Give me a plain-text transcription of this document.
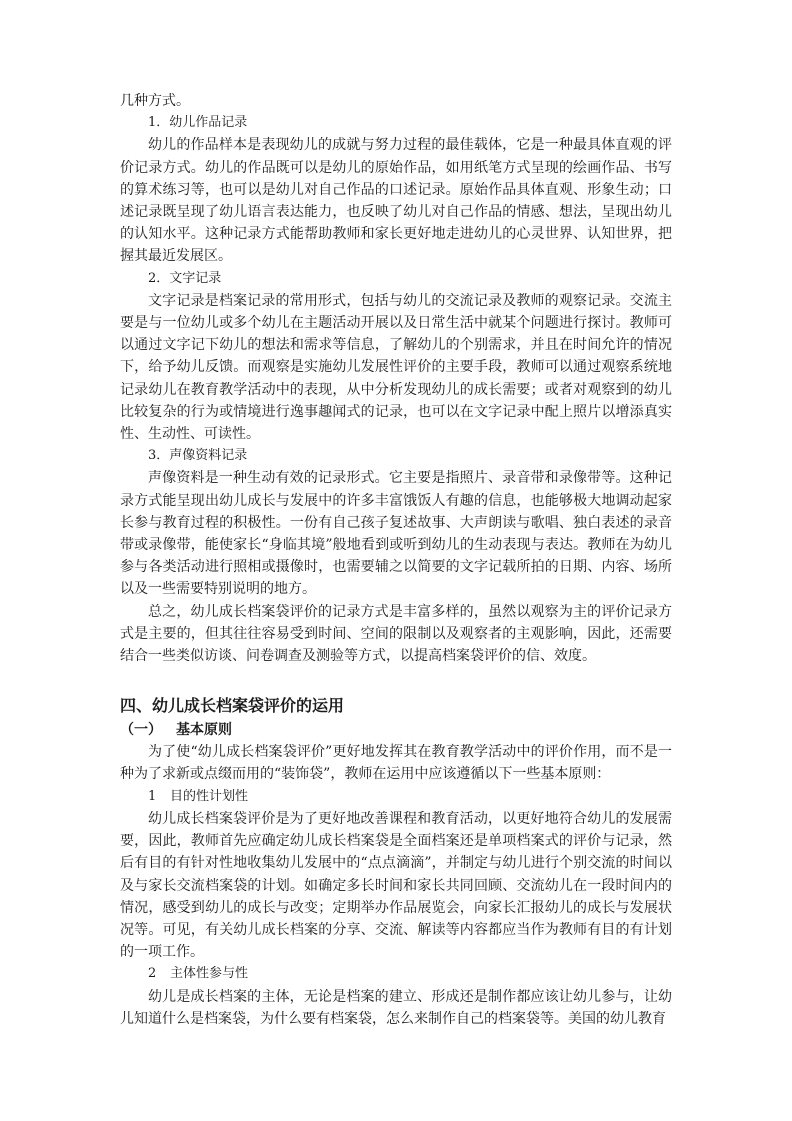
几种方式。

1．幼儿作品记录

幼儿的作品样本是表现幼儿的成就与努力过程的最佳载体，它是一种最具体直观的评价记录方式。幼儿的作品既可以是幼儿的原始作品，如用纸笔方式呈现的绘画作品、书写的算术练习等，也可以是幼儿对自己作品的口述记录。原始作品具体直观、形象生动；口述记录既呈现了幼儿语言表达能力，也反映了幼儿对自己作品的情感、想法，呈现出幼儿的认知水平。这种记录方式能帮助教师和家长更好地走进幼儿的心灵世界、认知世界，把握其最近发展区。

2．文字记录

文字记录是档案记录的常用形式，包括与幼儿的交流记录及教师的观察记录。交流主要是与一位幼儿或多个幼儿在主题活动开展以及日常生活中就某个问题进行探讨。教师可以通过文字记下幼儿的想法和需求等信息，了解幼儿的个别需求，并且在时间允许的情况下，给予幼儿反馈。而观察是实施幼儿发展性评价的主要手段，教师可以通过观察系统地记录幼儿在教育教学活动中的表现，从中分析发现幼儿的成长需要；或者对观察到的幼儿比较复杂的行为或情境进行逸事趣闻式的记录，也可以在文字记录中配上照片以增添真实性、生动性、可读性。

3．声像资料记录

声像资料是一种生动有效的记录形式。它主要是指照片、录音带和录像带等。这种记录方式能呈现出幼儿成长与发展中的许多丰富饿饭人有趣的信息，也能够极大地调动起家长参与教育过程的积极性。一份有自己孩子复述故事、大声朗读与歌唱、独白表述的录音带或录像带，能使家长“身临其境”般地看到或听到幼儿的生动表现与表达。教师在为幼儿参与各类活动进行照相或摄像时，也需要辅之以简要的文字记载所拍的日期、内容、场所以及一些需要特别说明的地方。

总之，幼儿成长档案袋评价的记录方式是丰富多样的，虽然以观察为主的评价记录方式是主要的，但其往往容易受到时间、空间的限制以及观察者的主观影响，因此，还需要结合一些类似访谈、问卷调查及测验等方式，以提高档案袋评价的信、效度。

四、幼儿成长档案袋评价的运用
（一） 基本原则

为了使“幼儿成长档案袋评价”更好地发挥其在教育教学活动中的评价作用，而不是一种为了求新或点缀而用的“装饰袋”，教师在运用中应该遵循以下一些基本原则：

1 目的性计划性

幼儿成长档案袋评价是为了更好地改善课程和教育活动，以更好地符合幼儿的发展需要，因此，教师首先应确定幼儿成长档案袋是全面档案还是单项档案式的评价与记录，然后有目的有针对性地收集幼儿发展中的“点点滴滴”，并制定与幼儿进行个别交流的时间以及与家长交流档案袋的计划。如确定多长时间和家长共同回顾、交流幼儿在一段时间内的情况，感受到幼儿的成长与改变；定期举办作品展览会，向家长汇报幼儿的成长与发展状况等。可见，有关幼儿成长档案的分享、交流、解读等内容都应当作为教师有目的有计划的一项工作。

2 主体性参与性

幼儿是成长档案的主体，无论是档案的建立、形成还是制作都应该让幼儿参与，让幼儿知道什么是档案袋，为什么要有档案袋，怎么来制作自己的档案袋等。美国的幼儿教育
